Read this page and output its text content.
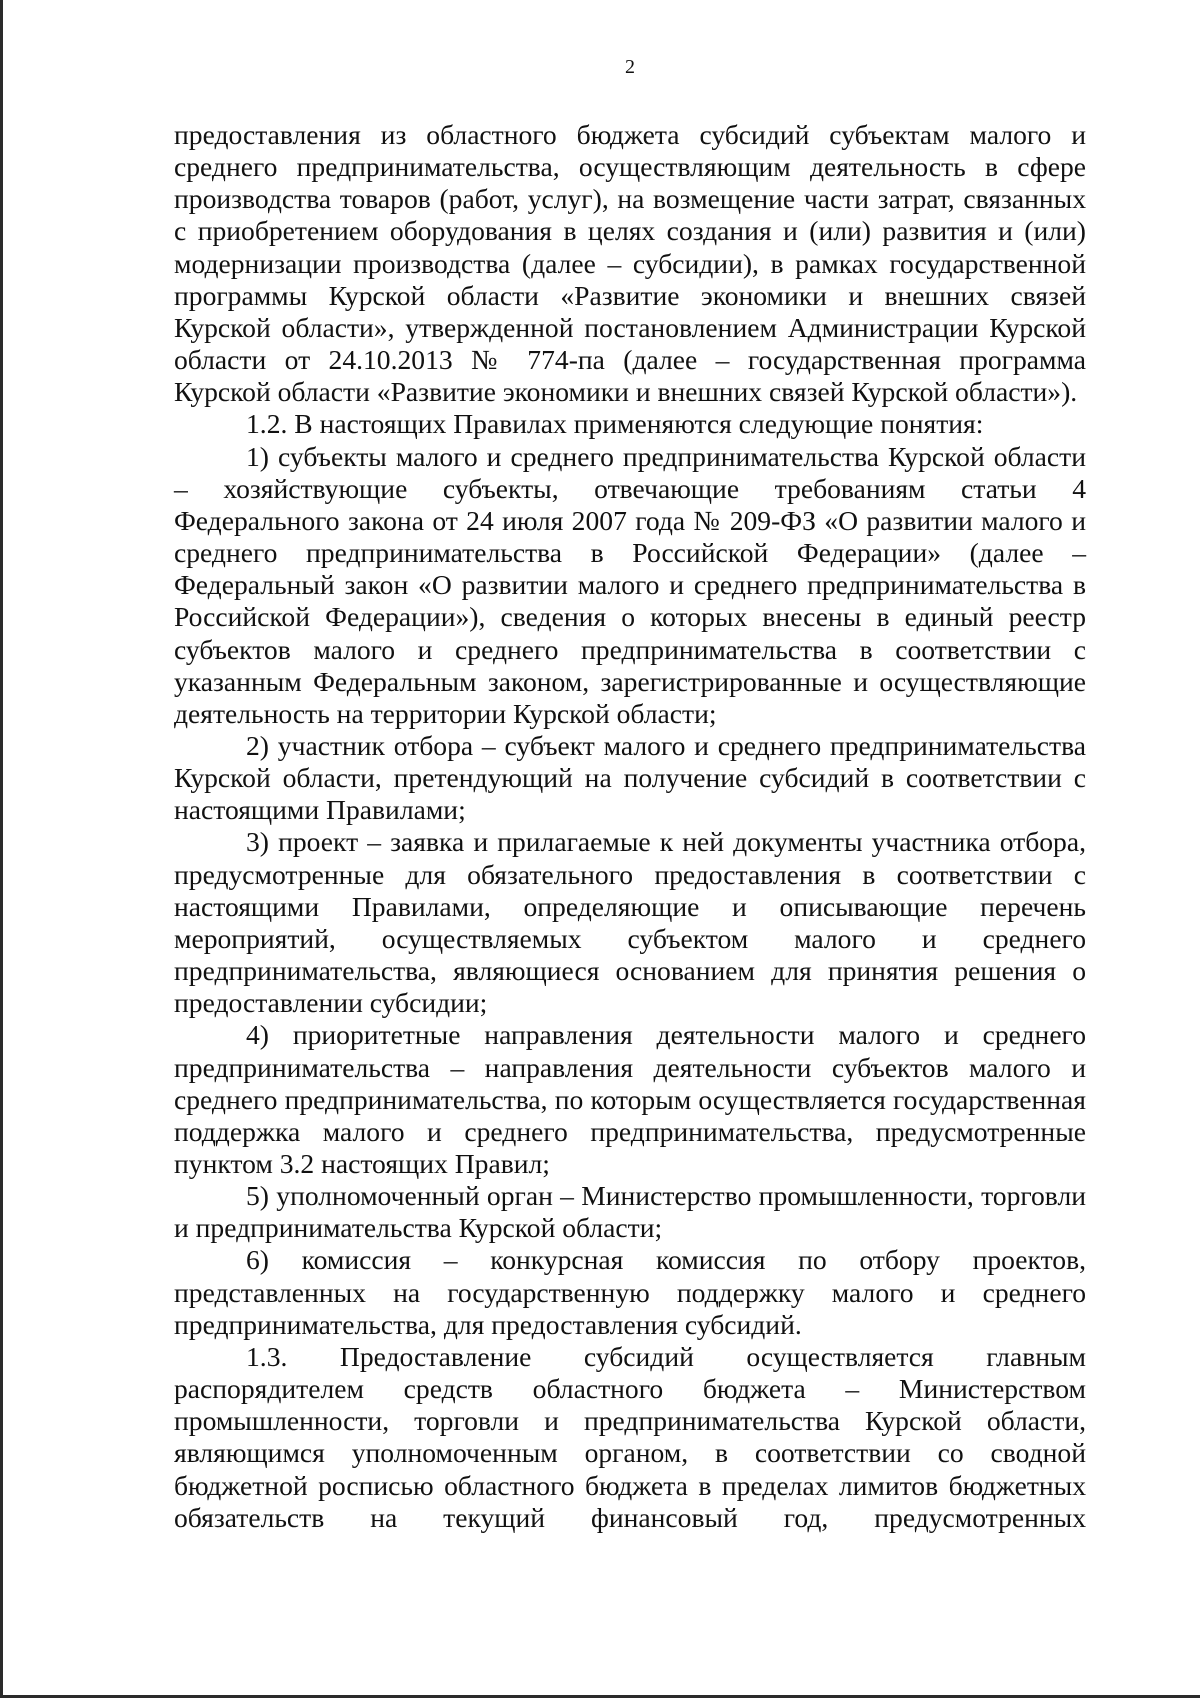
2

предоставления из областного бюджета субсидий субъектам малого и среднего предпринимательства, осуществляющим деятельность в сфере производства товаров (работ, услуг), на возмещение части затрат, связанных с приобретением оборудования в целях создания и (или) развития и (или) модернизации производства (далее – субсидии), в рамках государственной программы Курской области «Развитие экономики и внешних связей Курской области», утвержденной постановлением Администрации Курской области от 24.10.2013 № 774-па (далее – государственная программа Курской области «Развитие экономики и внешних связей Курской области»).

1.2. В настоящих Правилах применяются следующие понятия:

1) субъекты малого и среднего предпринимательства Курской области – хозяйствующие субъекты, отвечающие требованиям статьи 4 Федерального закона от 24 июля 2007 года № 209-ФЗ «О развитии малого и среднего предпринимательства в Российской Федерации» (далее – Федеральный закон «О развитии малого и среднего предпринимательства в Российской Федерации»), сведения о которых внесены в единый реестр субъектов малого и среднего предпринимательства в соответствии с указанным Федеральным законом, зарегистрированные и осуществляющие деятельность на территории Курской области;

2) участник отбора – субъект малого и среднего предпринимательства Курской области, претендующий на получение субсидий в соответствии с настоящими Правилами;

3) проект – заявка и прилагаемые к ней документы участника отбора, предусмотренные для обязательного предоставления в соответствии с настоящими Правилами, определяющие и описывающие перечень мероприятий, осуществляемых субъектом малого и среднего предпринимательства, являющиеся основанием для принятия решения о предоставлении субсидии;

4) приоритетные направления деятельности малого и среднего предпринимательства – направления деятельности субъектов малого и среднего предпринимательства, по которым осуществляется государственная поддержка малого и среднего предпринимательства, предусмотренные пунктом 3.2 настоящих Правил;

5) уполномоченный орган – Министерство промышленности, торговли и предпринимательства Курской области;

6) комиссия – конкурсная комиссия по отбору проектов, представленных на государственную поддержку малого и среднего предпринимательства, для предоставления субсидий.

1.3. Предоставление субсидий осуществляется главным распорядителем средств областного бюджета – Министерством промышленности, торговли и предпринимательства Курской области, являющимся уполномоченным органом, в соответствии со сводной бюджетной росписью областного бюджета в пределах лимитов бюджетных обязательств на текущий финансовый год, предусмотренных
